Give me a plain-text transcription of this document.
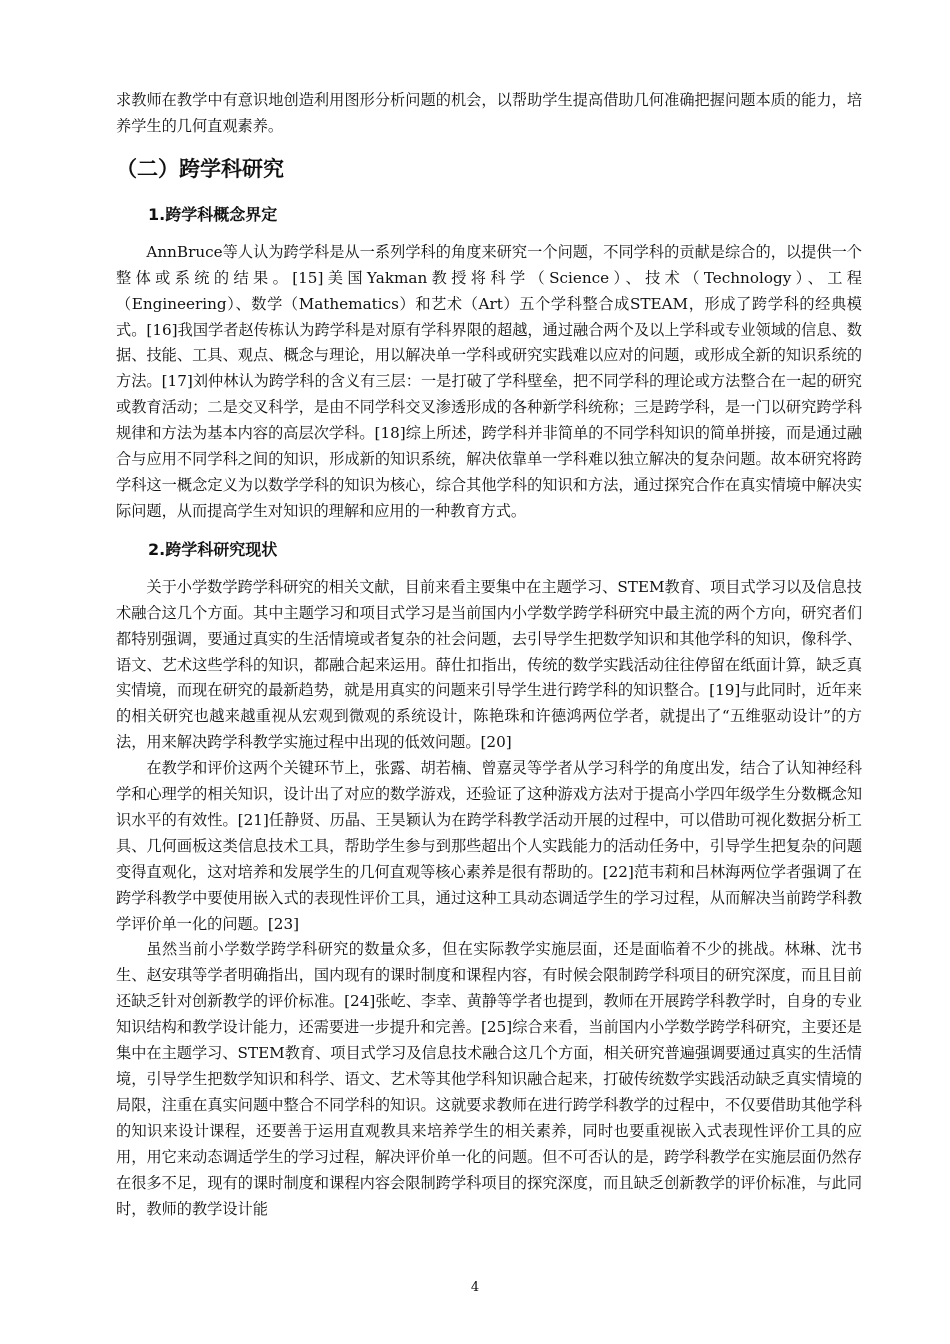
求教师在教学中有意识地创造利用图形分析问题的机会，以帮助学生提高借助几何准确把握问题本质的能力，培养学生的几何直观素养。

（二）跨学科研究
1.跨学科概念界定

AnnBruce等人认为跨学科是从一系列学科的角度来研究一个问题，不同学科的贡献是综合的，以提供一个整体或系统的结果。[15]美国Yakman教授将科学（Science）、技术（Technology）、工程（Engineering）、数学（Mathematics）和艺术（Art）五个学科整合成STEAM，形成了跨学科的经典模式。[16]我国学者赵传栋认为跨学科是对原有学科界限的超越，通过融合两个及以上学科或专业领域的信息、数据、技能、工具、观点、概念与理论，用以解决单一学科或研究实践难以应对的问题，或形成全新的知识系统的方法。[17]刘仲林认为跨学科的含义有三层：一是打破了学科壁垒，把不同学科的理论或方法整合在一起的研究或教育活动；二是交叉科学，是由不同学科交叉渗透形成的各种新学科统称；三是跨学科，是一门以研究跨学科规律和方法为基本内容的高层次学科。[18]综上所述，跨学科并非简单的不同学科知识的简单拼接，而是通过融合与应用不同学科之间的知识，形成新的知识系统，解决依靠单一学科难以独立解决的复杂问题。故本研究将跨学科这一概念定义为以数学学科的知识为核心，综合其他学科的知识和方法，通过探究合作在真实情境中解决实际问题，从而提高学生对知识的理解和应用的一种教育方式。

2.跨学科研究现状

关于小学数学跨学科研究的相关文献，目前来看主要集中在主题学习、STEM教育、项目式学习以及信息技术融合这几个方面。其中主题学习和项目式学习是当前国内小学数学跨学科研究中最主流的两个方向，研究者们都特别强调，要通过真实的生活情境或者复杂的社会问题，去引导学生把数学知识和其他学科的知识，像科学、语文、艺术这些学科的知识，都融合起来运用。薛仕扣指出，传统的数学实践活动往往停留在纸面计算，缺乏真实情境，而现在研究的最新趋势，就是用真实的问题来引导学生进行跨学科的知识整合。[19]与此同时，近年来的相关研究也越来越重视从宏观到微观的系统设计，陈艳珠和许德鸿两位学者，就提出了“五维驱动设计”的方法，用来解决跨学科教学实施过程中出现的低效问题。[20]

在教学和评价这两个关键环节上，张露、胡若楠、曾嘉灵等学者从学习科学的角度出发，结合了认知神经科学和心理学的相关知识，设计出了对应的数学游戏，还验证了这种游戏方法对于提高小学四年级学生分数概念知识水平的有效性。[21]任静贤、历晶、王昊颖认为在跨学科教学活动开展的过程中，可以借助可视化数据分析工具、几何画板这类信息技术工具，帮助学生参与到那些超出个人实践能力的活动任务中，引导学生把复杂的问题变得直观化，这对培养和发展学生的几何直观等核心素养是很有帮助的。[22]范韦莉和吕林海两位学者强调了在跨学科教学中要使用嵌入式的表现性评价工具，通过这种工具动态调适学生的学习过程，从而解决当前跨学科教学评价单一化的问题。[23]

虽然当前小学数学跨学科研究的数量众多，但在实际教学实施层面，还是面临着不少的挑战。林琳、沈书生、赵安琪等学者明确指出，国内现有的课时制度和课程内容，有时候会限制跨学科项目的研究深度，而且目前还缺乏针对创新教学的评价标准。[24]张屹、李幸、黄静等学者也提到，教师在开展跨学科教学时，自身的专业知识结构和教学设计能力，还需要进一步提升和完善。[25]综合来看，当前国内小学数学跨学科研究，主要还是集中在主题学习、STEM教育、项目式学习及信息技术融合这几个方面，相关研究普遍强调要通过真实的生活情境，引导学生把数学知识和科学、语文、艺术等其他学科知识融合起来，打破传统数学实践活动缺乏真实情境的局限，注重在真实问题中整合不同学科的知识。这就要求教师在进行跨学科教学的过程中，不仅要借助其他学科的知识来设计课程，还要善于运用直观教具来培养学生的相关素养，同时也要重视嵌入式表现性评价工具的应用，用它来动态调适学生的学习过程，解决评价单一化的问题。但不可否认的是，跨学科教学在实施层面仍然存在很多不足，现有的课时制度和课程内容会限制跨学科项目的探究深度，而且缺乏创新教学的评价标准，与此同时，教师的教学设计能

4
